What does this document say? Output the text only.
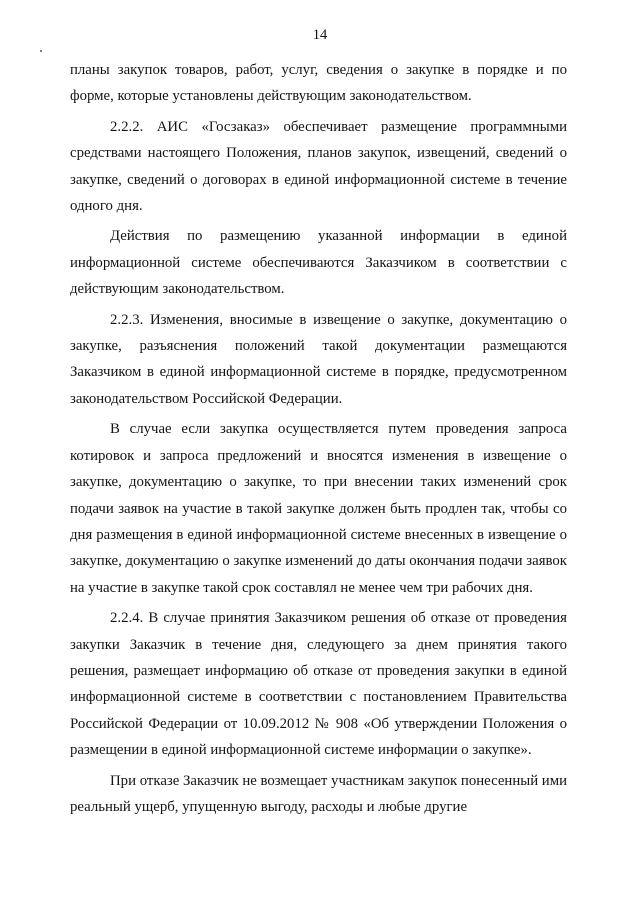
14

планы закупок товаров, работ, услуг, сведения о закупке в порядке и по форме, которые установлены действующим законодательством.

2.2.2. АИС «Госзаказ» обеспечивает размещение программными средствами настоящего Положения, планов закупок, извещений, сведений о закупке, сведений о договорах в единой информационной системе в течение одного дня.

Действия по размещению указанной информации в единой информационной системе обеспечиваются Заказчиком в соответствии с действующим законодательством.

2.2.3. Изменения, вносимые в извещение о закупке, документацию о закупке, разъяснения положений такой документации размещаются Заказчиком в единой информационной системе в порядке, предусмотренном законодательством Российской Федерации.

В случае если закупка осуществляется путем проведения запроса котировок и запроса предложений и вносятся изменения в извещение о закупке, документацию о закупке, то при внесении таких изменений срок подачи заявок на участие в такой закупке должен быть продлен так, чтобы со дня размещения в единой информационной системе внесенных в извещение о закупке, документацию о закупке изменений до даты окончания подачи заявок на участие в закупке такой срок составлял не менее чем три рабочих дня.

2.2.4. В случае принятия Заказчиком решения об отказе от проведения закупки Заказчик в течение дня, следующего за днем принятия такого решения, размещает информацию об отказе от проведения закупки в единой информационной системе в соответствии с постановлением Правительства Российской Федерации от 10.09.2012 № 908 «Об утверждении Положения о размещении в единой информационной системе информации о закупке».

При отказе Заказчик не возмещает участникам закупок понесенный ими реальный ущерб, упущенную выгоду, расходы и любые другие
